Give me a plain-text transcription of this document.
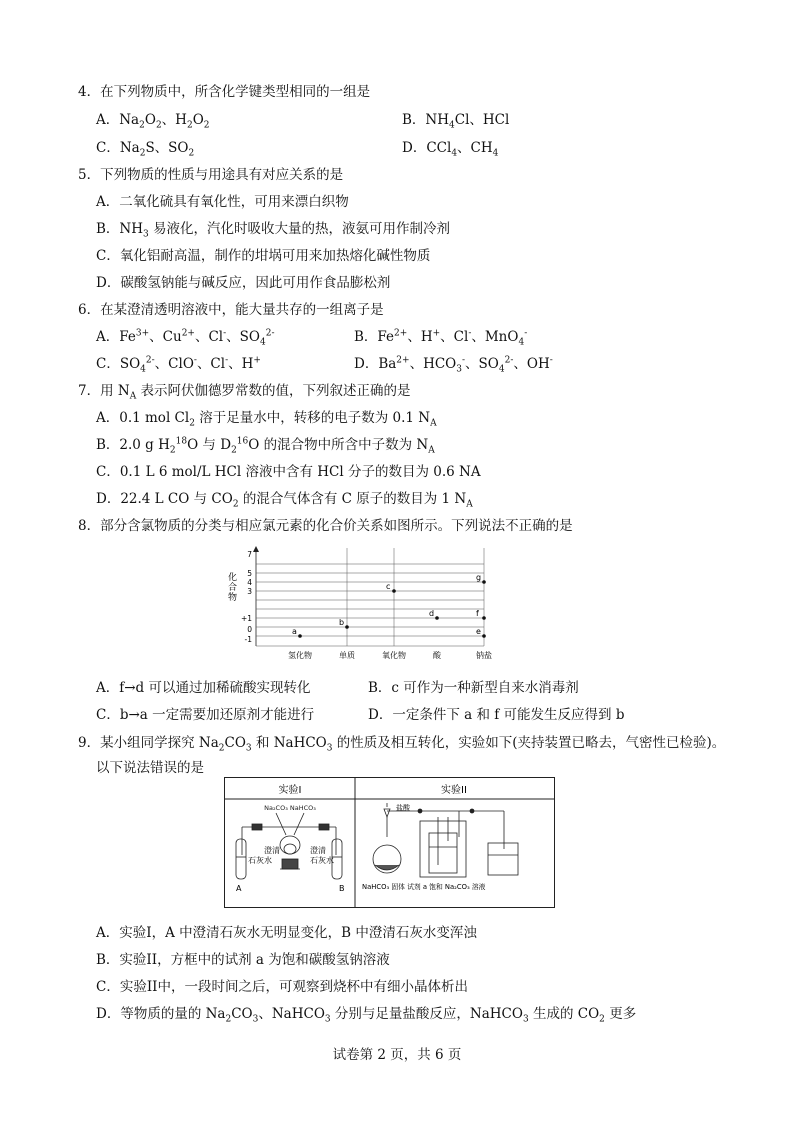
4．在下列物质中，所含化学键类型相同的一组是
A．$Na_2O_2$、$H_2O_2$	B．$NH_4Cl$、HCl
C．$Na_2S$、$SO_2$	D．CCl$_4$、$CH_4$
5．下列物质的性质与用途具有对应关系的是
A．二氧化硫具有氧化性，可用来漂白织物
B．$NH_3$ 易液化，汽化时吸收大量的热，液氨可用作制冷剂
C．氧化铝耐高温，制作的坩埚可用来加热熔化碱性物质
D．碳酸氢钠能与碱反应，因此可用作食品膨松剂
6．在某澄清透明溶液中，能大量共存的一组离子是
A．$Fe^{3+}$、$Cu^{2+}$、Cl-、$SO_4^{2-}$	B．$Fe^{2+}$、H+、Cl-、MnO$_4$-
C．$SO_4^{2-}$、ClO-、Cl-、H+	D．$Ba^{2+}$、$HCO_3^-$、$SO_4^{2-}$、OH-
7．用 $N_A$ 表示阿伏伽德罗常数的值，下列叙述正确的是
A．0.1 mol $Cl_2$ 溶于足量水中，转移的电子数为 0.1 $N_A$
B．2.0 g $H_2^{18}O$ 与 $D_2^{16}O$ 的混合物中所含中子数为 $N_A$
C．0.1 L 6 mol/L HCl 溶液中含有 HCl 分子的数目为 0.6 NA
D．22.4 L CO 与 $CO_2$ 的混合气体含有 C 原子的数目为 1 $N_A$
8．部分含氯物质的分类与相应氯元素的化合价关系如图所示。下列说法不正确的是
化
合
物
7
5
4
3
+1
0
-1
氢化物	单质	氧化物	酸	钠盐
a
b
c
d
e
f
g
A．f→d 可以通过加稀硫酸实现转化	B．c 可作为一种新型自来水消毒剂
C．b→a 一定需要加还原剂才能进行	D．一定条件下 a 和 f 可能发生反应得到 b
9．某小组同学探究 $Na_2CO_3$ 和 NaHCO$_3$ 的性质及相互转化，实验如下(夹持装置已略去，气密性已检验)。
以下说法错误的是
实验I	实验II
Na₂CO₃ NaHCO₃
澄清
石灰水
澄清
石灰水
A	B
盐酸
NaHCO₃ 固体 试剂 a 饱和 Na₂CO₃ 溶液
A．实验I，A 中澄清石灰水无明显变化，B 中澄清石灰水变浑浊
B．实验II，方框中的试剂 a 为饱和碳酸氢钠溶液
C．实验II中，一段时间之后，可观察到烧杯中有细小晶体析出
D．等物质的量的 $Na_2CO_3$、NaHCO$_3$ 分别与足量盐酸反应，NaHCO$_3$ 生成的 $CO_2$ 更多
试卷第 2 页，共 6 页
